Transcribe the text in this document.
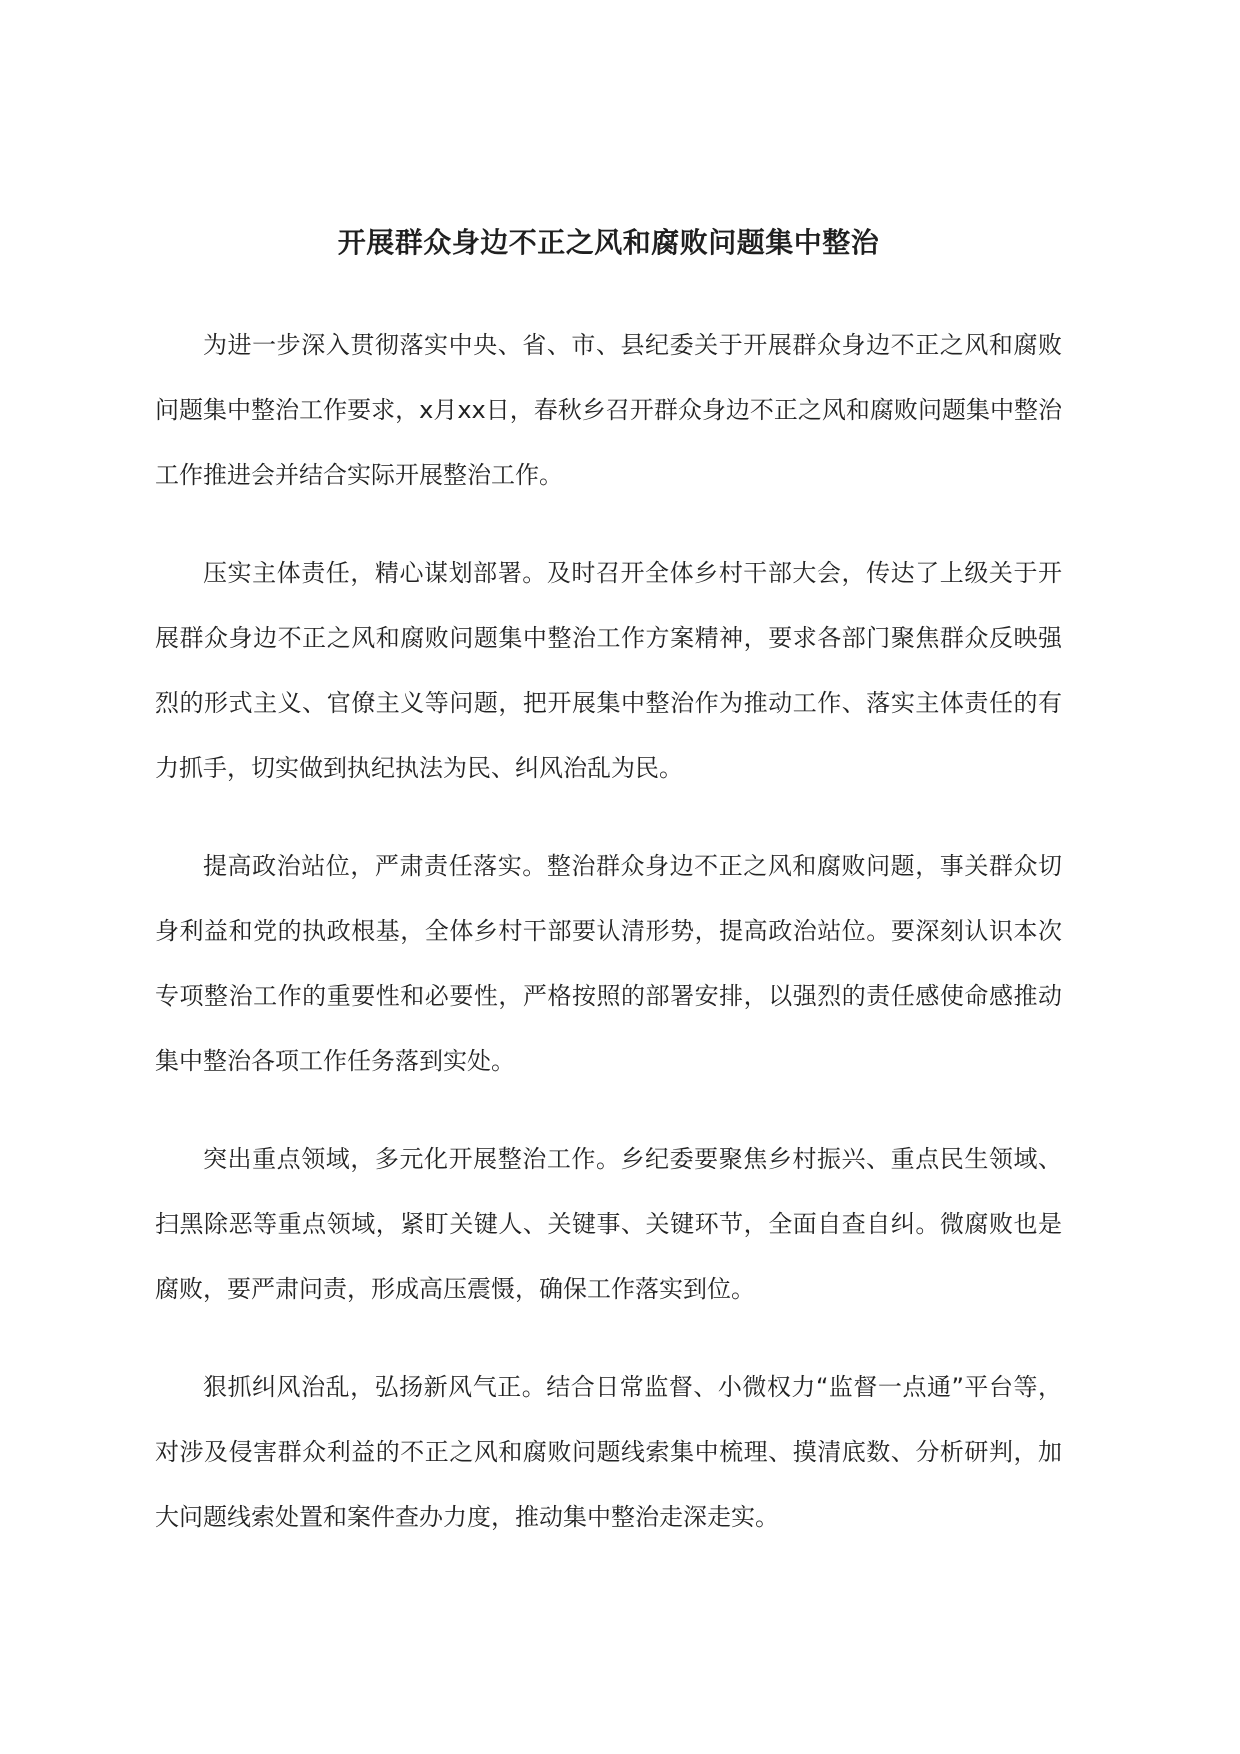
开展群众身边不正之风和腐败问题集中整治

为进一步深入贯彻落实中央、省、市、县纪委关于开展群众身边不正之风和腐败问题集中整治工作要求，x月xx日，春秋乡召开群众身边不正之风和腐败问题集中整治工作推进会并结合实际开展整治工作。

压实主体责任，精心谋划部署。及时召开全体乡村干部大会，传达了上级关于开展群众身边不正之风和腐败问题集中整治工作方案精神，要求各部门聚焦群众反映强烈的形式主义、官僚主义等问题，把开展集中整治作为推动工作、落实主体责任的有力抓手，切实做到执纪执法为民、纠风治乱为民。

提高政治站位，严肃责任落实。整治群众身边不正之风和腐败问题，事关群众切身利益和党的执政根基，全体乡村干部要认清形势，提高政治站位。要深刻认识本次专项整治工作的重要性和必要性，严格按照的部署安排，以强烈的责任感使命感推动集中整治各项工作任务落到实处。

突出重点领域，多元化开展整治工作。乡纪委要聚焦乡村振兴、重点民生领域、扫黑除恶等重点领域，紧盯关键人、关键事、关键环节，全面自查自纠。微腐败也是腐败，要严肃问责，形成高压震慑，确保工作落实到位。

狠抓纠风治乱，弘扬新风气正。结合日常监督、小微权力“监督一点通”平台等，对涉及侵害群众利益的不正之风和腐败问题线索集中梳理、摸清底数、分析研判，加大问题线索处置和案件查办力度，推动集中整治走深走实。
